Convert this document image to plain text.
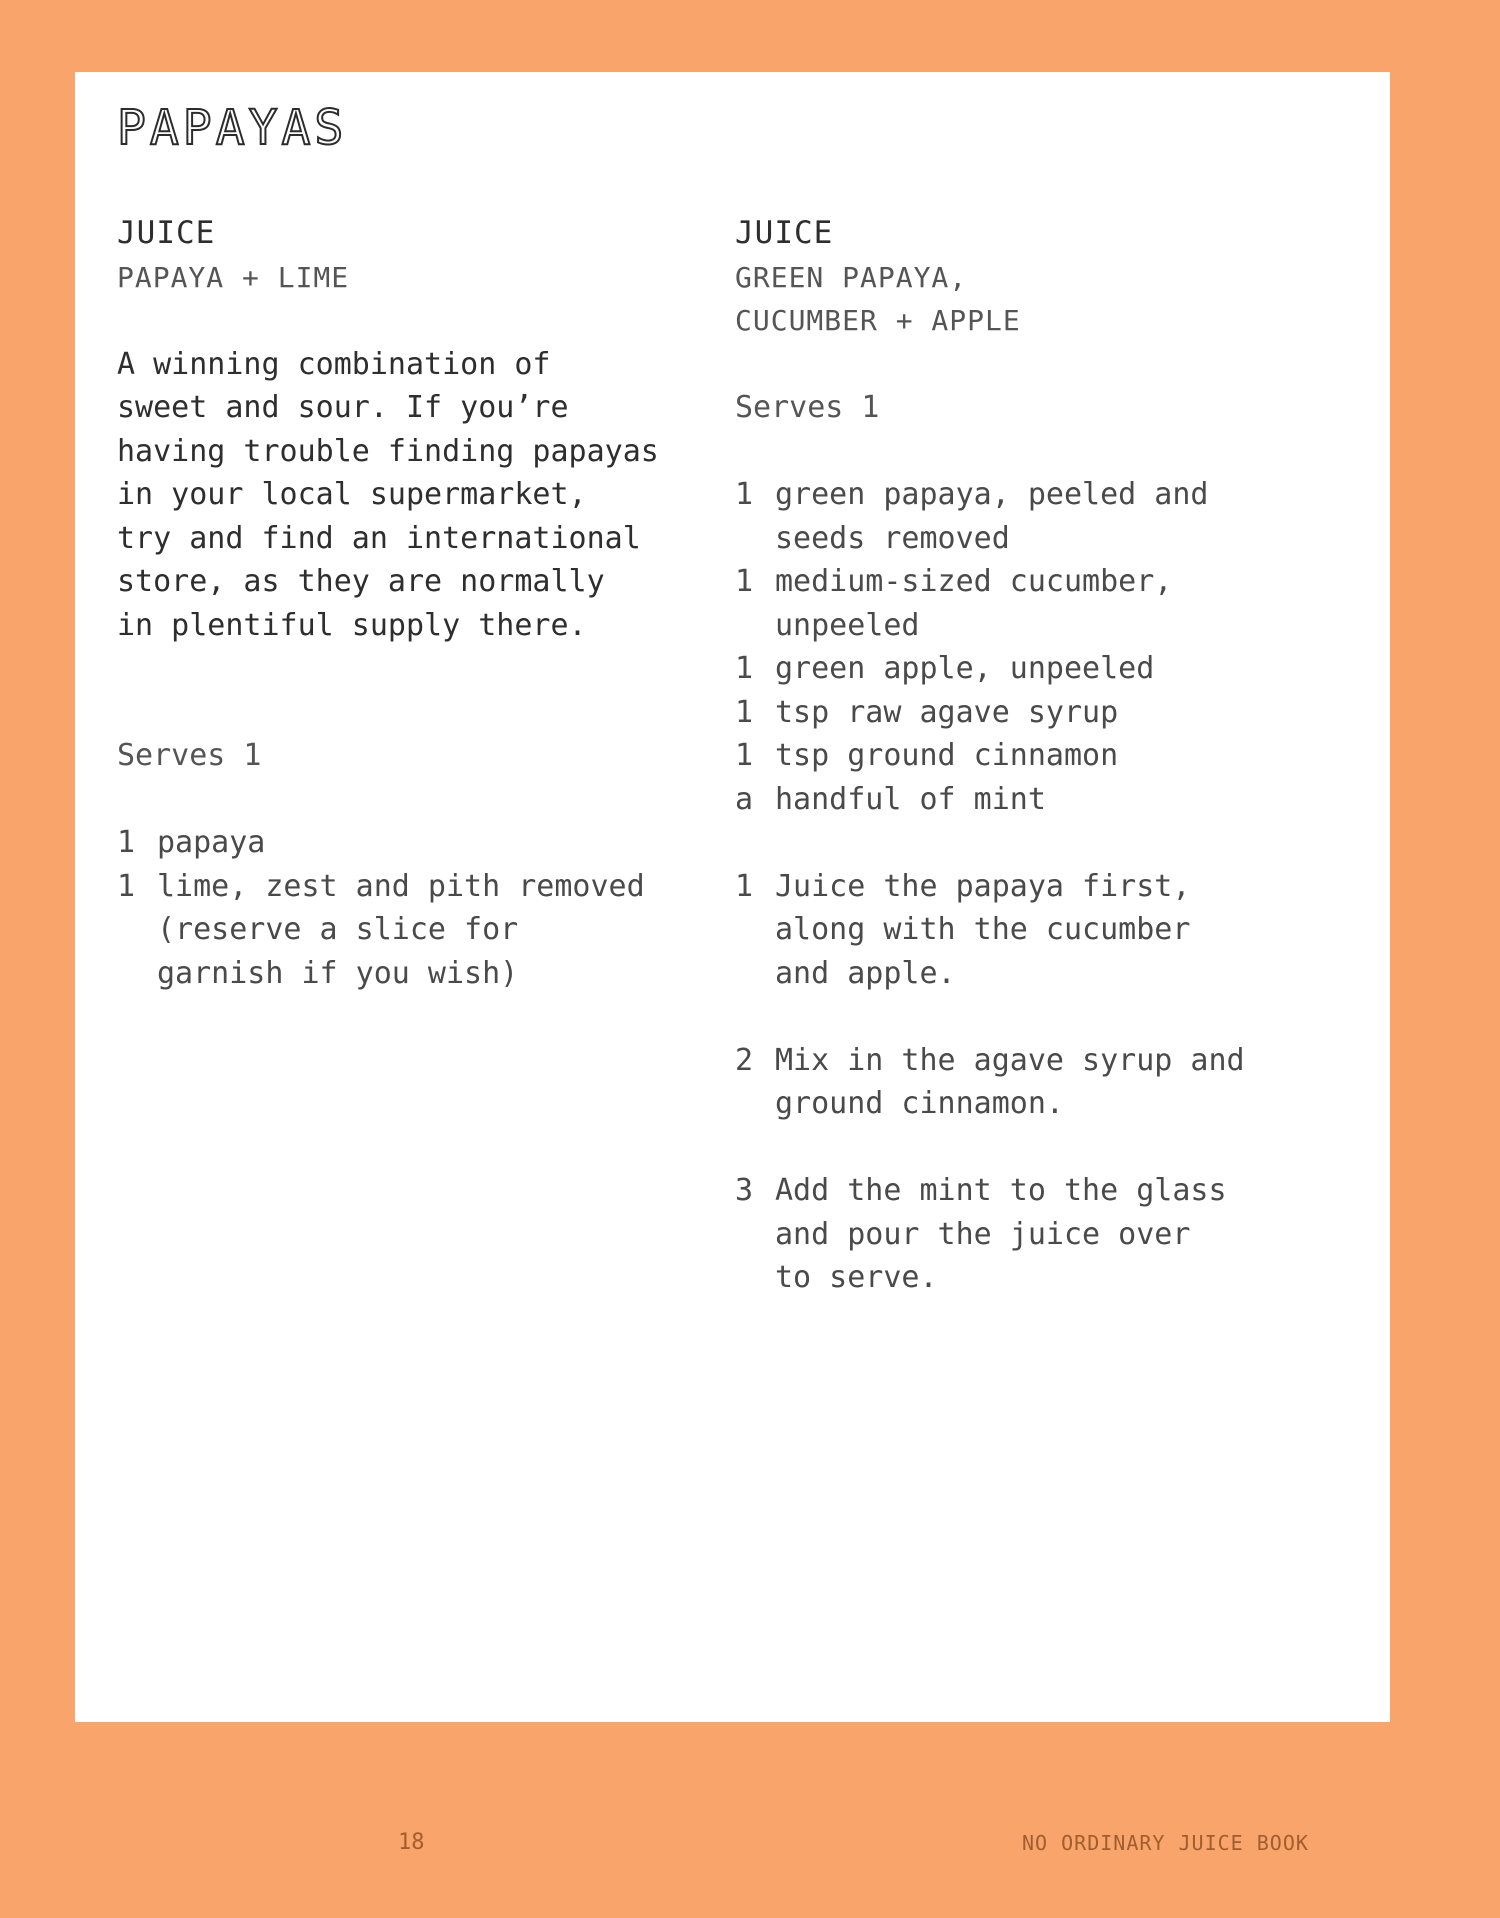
PAPAYAS

JUICE

PAPAYA + LIME

A winning combination of
sweet and sour. If you’re
having trouble finding papayas
in your local supermarket,
try and find an international
store, as they are normally
in plentiful supply there.

Serves 1

1 papaya
1 lime, zest and pith removed
(reserve a slice for
garnish if you wish)

JUICE

GREEN PAPAYA,
CUCUMBER + APPLE

Serves 1

1 green papaya, peeled and
seeds removed
1 medium-sized cucumber,
unpeeled
1 green apple, unpeeled
1 tsp raw agave syrup
1 tsp ground cinnamon
a handful of mint
1 Juice the papaya first,
along with the cucumber
and apple.
2 Mix in the agave syrup and
ground cinnamon.
3 Add the mint to the glass
and pour the juice over
to serve.
18	NO ORDINARY JUICE BOOK
